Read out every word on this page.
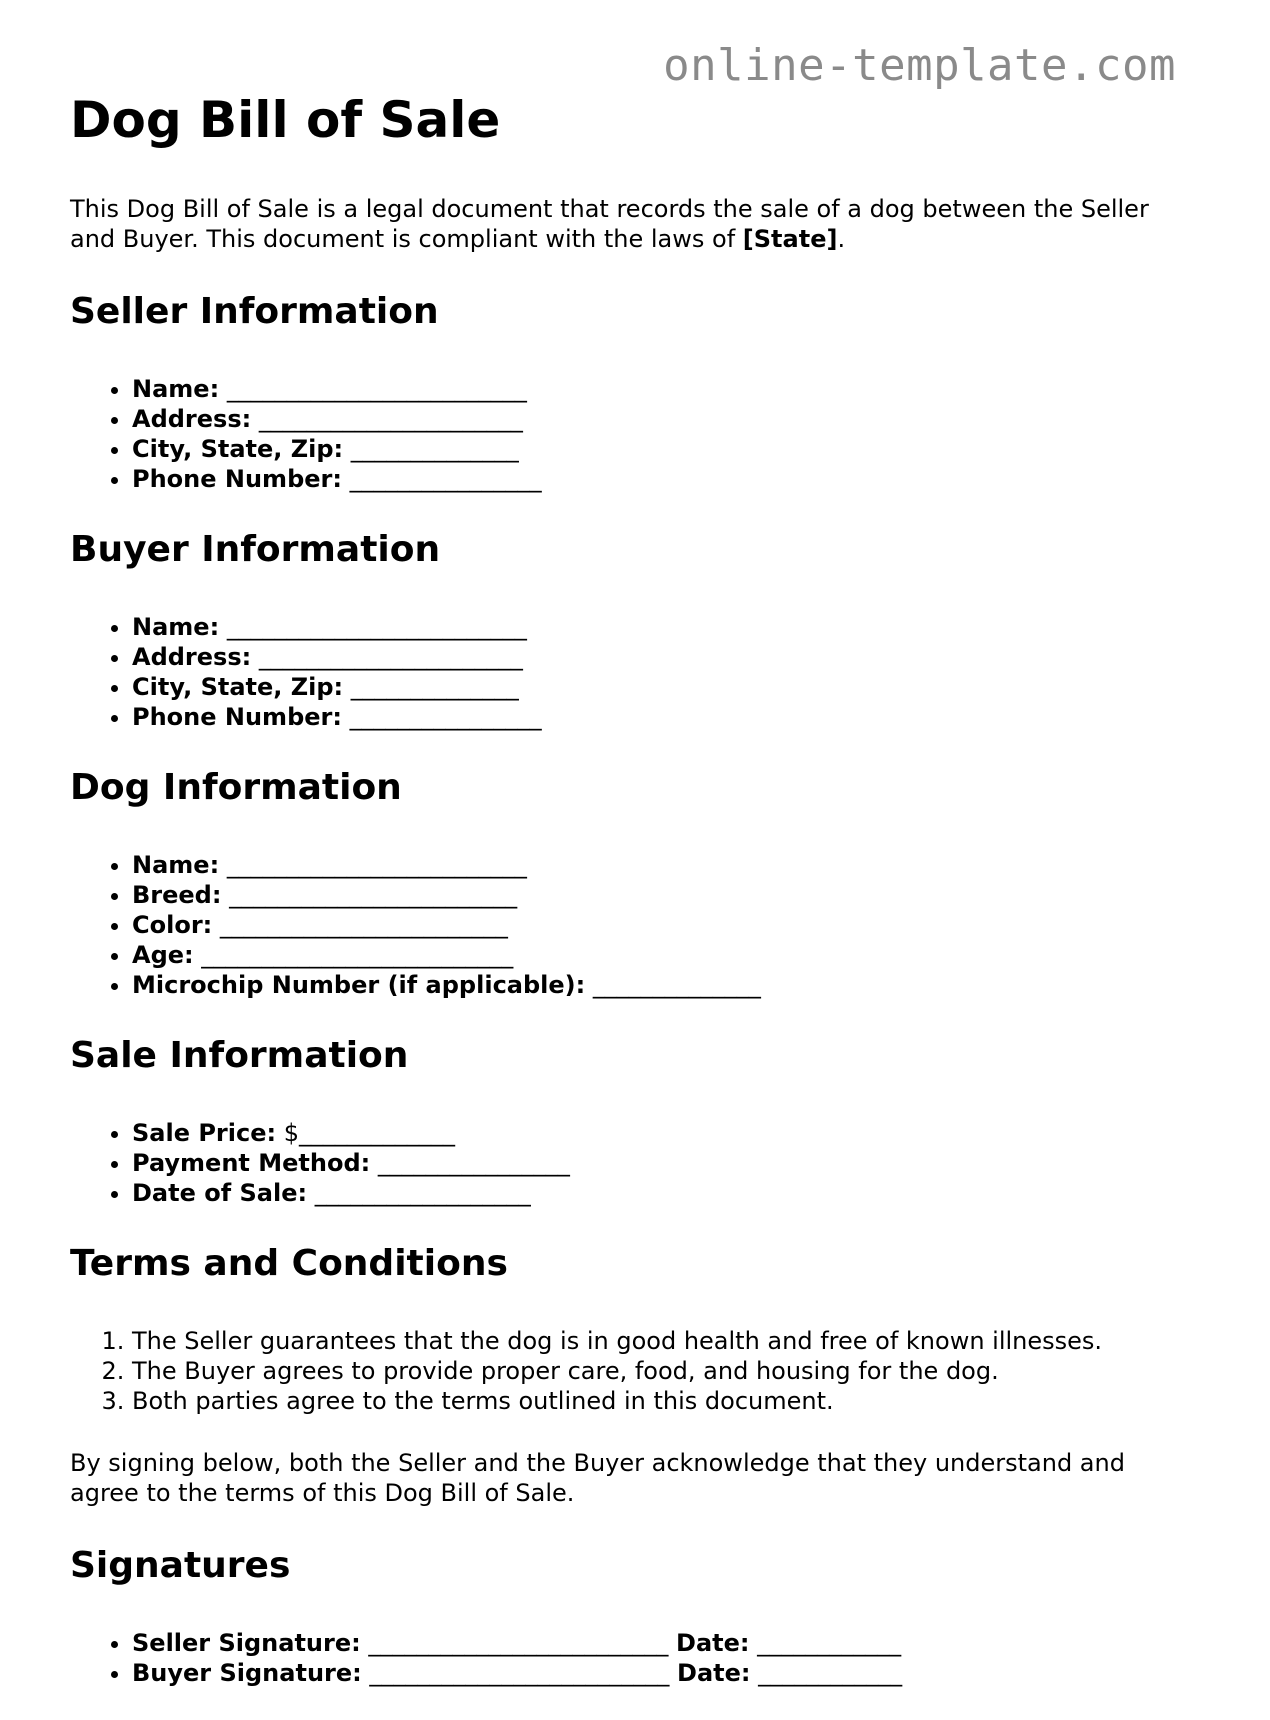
online-template.com
Dog Bill of Sale

This Dog Bill of Sale is a legal document that records the sale of a dog between the Seller and Buyer. This document is compliant with the laws of [State].

Seller Information
• Name: _________________________
• Address: ______________________
• City, State, Zip: ______________
• Phone Number: ________________
Buyer Information
• Name: _________________________
• Address: ______________________
• City, State, Zip: ______________
• Phone Number: ________________
Dog Information
• Name: _________________________
• Breed: ________________________
• Color: ________________________
• Age: __________________________
• Microchip Number (if applicable): ______________
Sale Information
• Sale Price: $_____________
• Payment Method: ________________
• Date of Sale: __________________
Terms and Conditions
1. The Seller guarantees that the dog is in good health and free of known illnesses.
2. The Buyer agrees to provide proper care, food, and housing for the dog.
3. Both parties agree to the terms outlined in this document.

By signing below, both the Seller and the Buyer acknowledge that they understand and agree to the terms of this Dog Bill of Sale.

Signatures
• Seller Signature: _________________________ Date: ____________
• Buyer Signature: _________________________ Date: ____________
